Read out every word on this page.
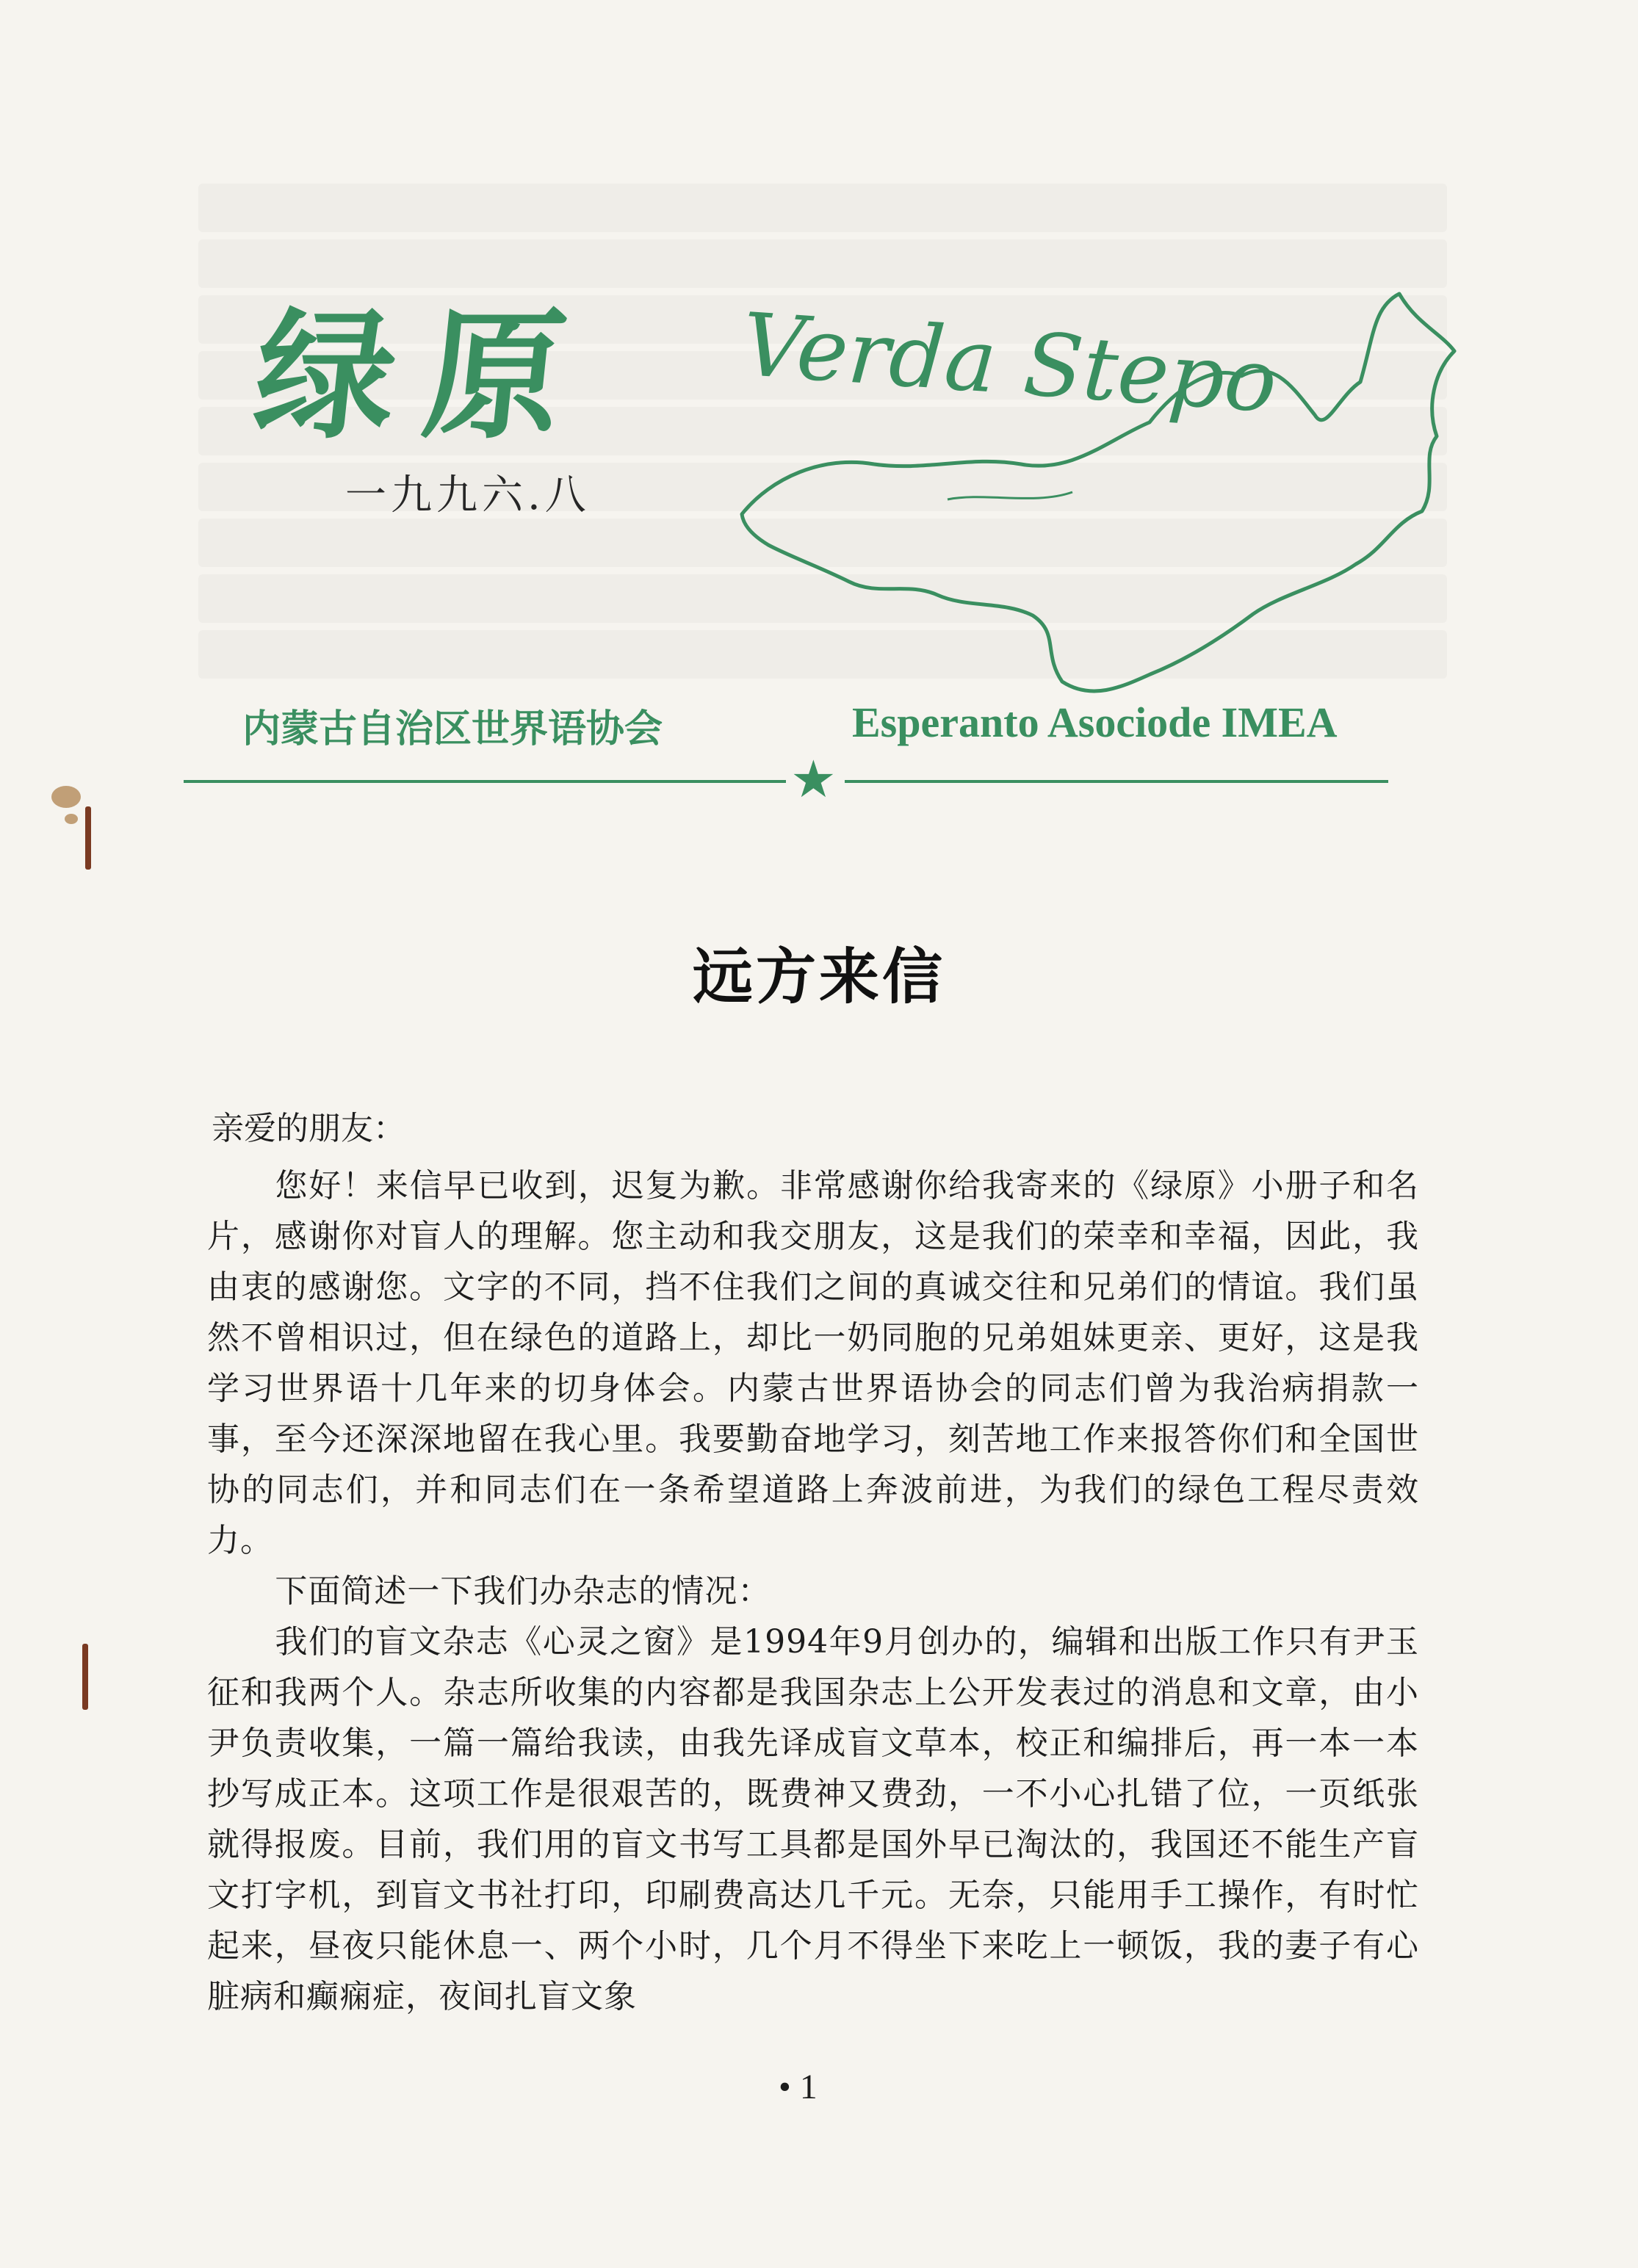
绿原 Verda Stepo
一九九六.八
内蒙古自治区世界语协会	Esperanto Asociode IMEA
★
远方来信

亲爱的朋友：

您好！来信早已收到，迟复为歉。非常感谢你给我寄来的《绿原》小册子和名片，感谢你对盲人的理解。您主动和我交朋友，这是我们的荣幸和幸福，因此，我由衷的感谢您。文字的不同，挡不住我们之间的真诚交往和兄弟们的情谊。我们虽然不曾相识过，但在绿色的道路上，却比一奶同胞的兄弟姐妹更亲、更好，这是我学习世界语十几年来的切身体会。内蒙古世界语协会的同志们曾为我治病捐款一事，至今还深深地留在我心里。我要勤奋地学习，刻苦地工作来报答你们和全国世协的同志们，并和同志们在一条希望道路上奔波前进，为我们的绿色工程尽责效力。

下面简述一下我们办杂志的情况：

我们的盲文杂志《心灵之窗》是1994年9月创办的，编辑和出版工作只有尹玉征和我两个人。杂志所收集的内容都是我国杂志上公开发表过的消息和文章，由小尹负责收集，一篇一篇给我读，由我先译成盲文草本，校正和编排后，再一本一本抄写成正本。这项工作是很艰苦的，既费神又费劲，一不小心扎错了位，一页纸张就得报废。目前，我们用的盲文书写工具都是国外早已淘汰的，我国还不能生产盲文打字机，到盲文书社打印，印刷费高达几千元。无奈，只能用手工操作，有时忙起来，昼夜只能休息一、两个小时，几个月不得坐下来吃上一顿饭，我的妻子有心脏病和癫痫症，夜间扎盲文象

• 1
